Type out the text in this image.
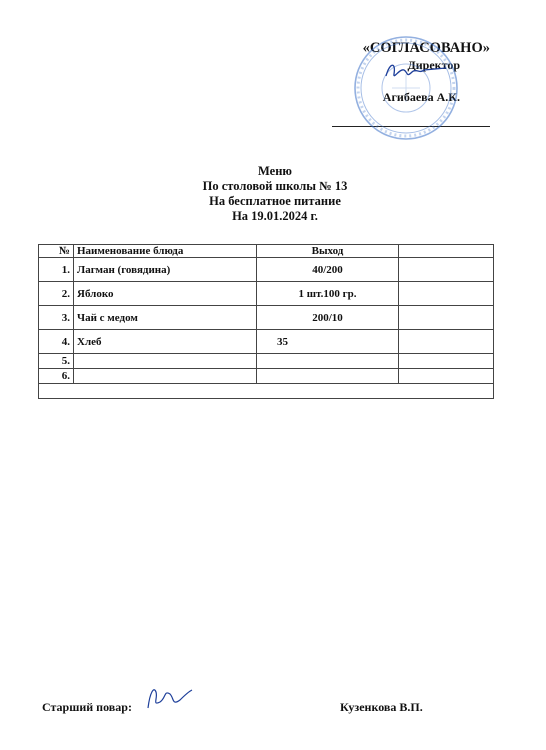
«СОГЛАСОВАНО»
Директор
Агибаева А.К.
Меню
По столовой школы № 13
На бесплатное питание
На 19.01.2024 г.
№	Наименование блюда	Выход	
1.	Лагман (говядина)	40/200	
2.	Яблоко	1 шт.100 гр.	
3.	Чай с медом	200/10	
4.	Хлеб	35	
5.			
6.			

Старший повар:	Кузенкова В.П.
